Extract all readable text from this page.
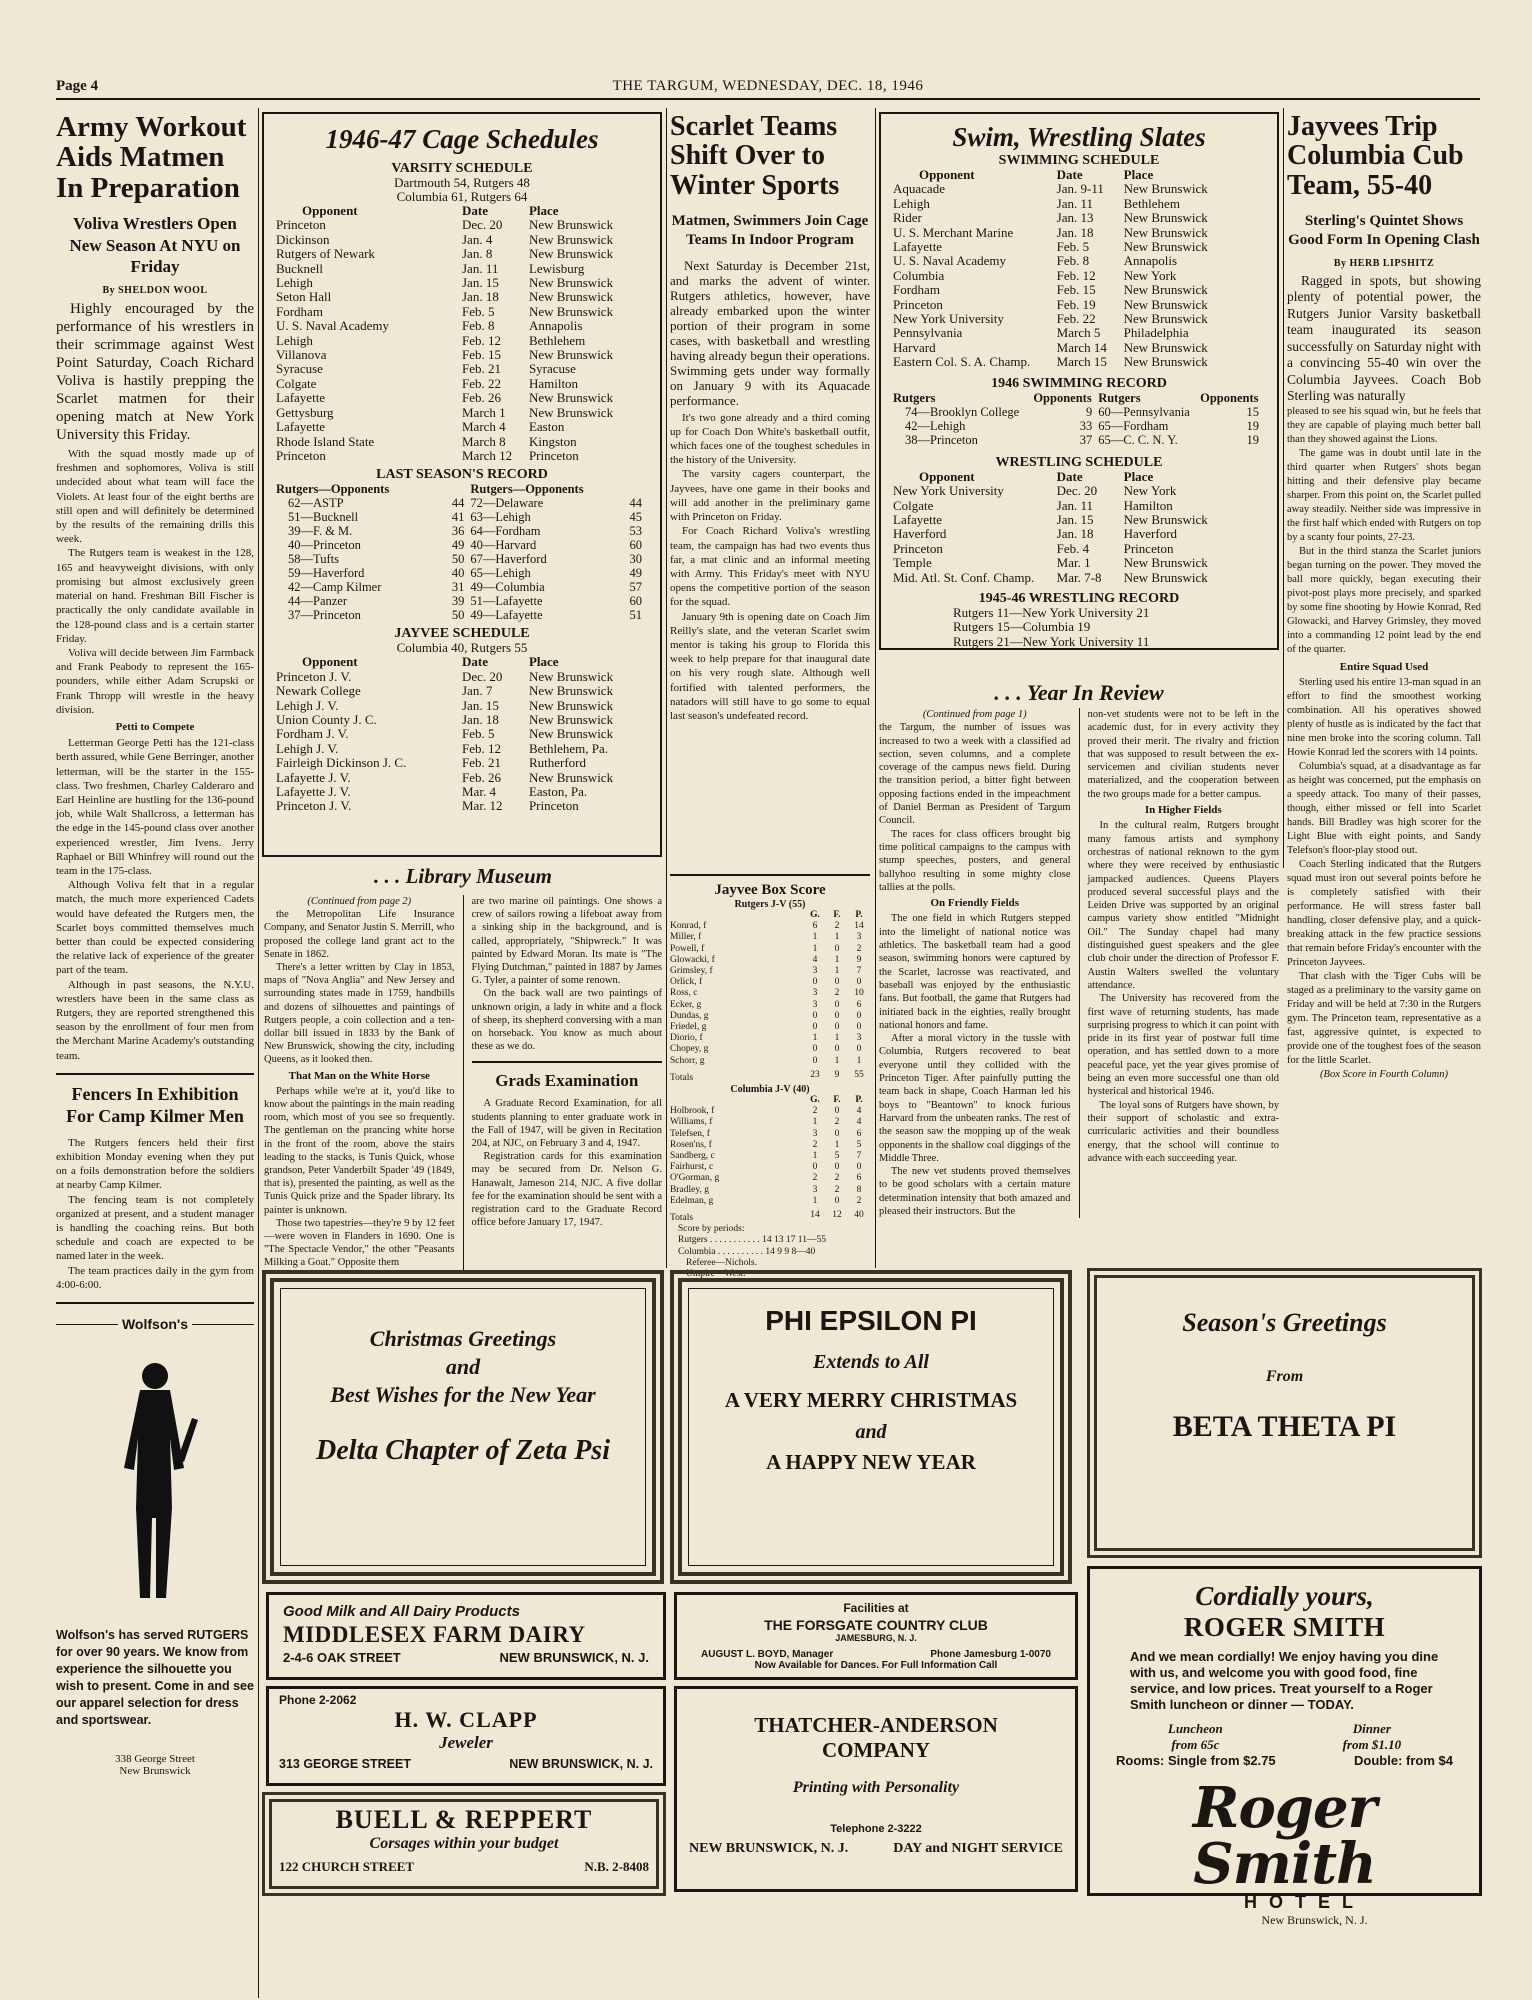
Page 4	THE TARGUM, WEDNESDAY, DEC. 18, 1946
Army Workout Aids Matmen In Preparation
Voliva Wrestlers Open New Season At NYU on Friday
By SHELDON WOOL

Highly encouraged by the performance of his wrestlers in their scrimmage against West Point Saturday, Coach Richard Voliva is hastily prepping the Scarlet matmen for their opening match at New York University this Friday.

With the squad mostly made up of freshmen and sophomores, Voliva is still undecided about what team will face the Violets. At least four of the eight berths are still open and will definitely be determined by the results of the remaining drills this week.

The Rutgers team is weakest in the 128, 165 and heavyweight divisions, with only promising but almost exclusively green material on hand. Freshman Bill Fischer is practically the only candidate available in the 128-pound class and is a certain starter Friday.

Voliva will decide between Jim Farmback and Frank Peabody to represent the 165-pounders, while either Adam Scrupski or Frank Thropp will wrestle in the heavy division.

Petti to Compete

Letterman George Petti has the 121-class berth assured, while Gene Berringer, another letterman, will be the starter in the 155-class. Two freshmen, Charley Calderaro and Earl Heinline are hustling for the 136-pound job, while Walt Shallcross, a letterman has the edge in the 145-pound class over another experienced wrestler, Jim Ivens. Jerry Raphael or Bill Whinfrey will round out the team in the 175-class.

Although Voliva felt that in a regular match, the much more experienced Cadets would have defeated the Rutgers men, the Scarlet boys committed themselves much better than could be expected considering the relative lack of experience of the greater part of the team.

Although in past seasons, the N.Y.U. wrestlers have been in the same class as Rutgers, they are reported strengthened this season by the enrollment of four men from the Merchant Marine Academy's outstanding team.

Fencers In Exhibition For Camp Kilmer Men

The Rutgers fencers held their first exhibition Monday evening when they put on a foils demonstration before the soldiers at nearby Camp Kilmer.

The fencing team is not completely organized at present, and a student manager is handling the coaching reins. But both schedule and coach are expected to be named later in the week.

The team practices daily in the gym from 4:00-6:00.

Wolfson's
Wolfson's has served RUTGERS for over 90 years. We know from experience the silhouette you wish to present. Come in and see our apparel selection for dress and sportswear.
338 George Street
New Brunswick
1946-47 Cage Schedules
VARSITY SCHEDULE
Dartmouth 54, Rutgers 48
Columbia 61, Rutgers 64
Opponent	Date	Place
Princeton	Dec. 20	New Brunswick
Dickinson	Jan. 4	New Brunswick
Rutgers of Newark	Jan. 8	New Brunswick
Bucknell	Jan. 11	Lewisburg
Lehigh	Jan. 15	New Brunswick
Seton Hall	Jan. 18	New Brunswick
Fordham	Feb. 5	New Brunswick
U. S. Naval Academy	Feb. 8	Annapolis
Lehigh	Feb. 12	Bethlehem
Villanova	Feb. 15	New Brunswick
Syracuse	Feb. 21	Syracuse
Colgate	Feb. 22	Hamilton
Lafayette	Feb. 26	New Brunswick
Gettysburg	March 1	New Brunswick
Lafayette	March 4	Easton
Rhode Island State	March 8	Kingston
Princeton	March 12	Princeton
LAST SEASON'S RECORD
Rutgers—Opponents		Rutgers—Opponents	
62—ASTP	44	72—Delaware	44
51—Bucknell	41	63—Lehigh	45
39—F. & M.	36	64—Fordham	53
40—Princeton	49	40—Harvard	60
58—Tufts	50	67—Haverford	30
59—Haverford	40	65—Lehigh	49
42—Camp Kilmer	31	49—Columbia	57
44—Panzer	39	51—Lafayette	60
37—Princeton	50	49—Lafayette	51
JAYVEE SCHEDULE
Columbia 40, Rutgers 55
Opponent	Date	Place
Princeton J. V.	Dec. 20	New Brunswick
Newark College	Jan. 7	New Brunswick
Lehigh J. V.	Jan. 15	New Brunswick
Union County J. C.	Jan. 18	New Brunswick
Fordham J. V.	Feb. 5	New Brunswick
Lehigh J. V.	Feb. 12	Bethlehem, Pa.
Fairleigh Dickinson J. C.	Feb. 21	Rutherford
Lafayette J. V.	Feb. 26	New Brunswick
Lafayette J. V.	Mar. 4	Easton, Pa.
Princeton J. V.	Mar. 12	Princeton
. . . Library Museum
(Continued from page 2)

the Metropolitan Life Insurance Company, and Senator Justin S. Merrill, who proposed the college land grant act to the Senate in 1862.

There's a letter written by Clay in 1853, maps of "Nova Anglia" and New Jersey and surrounding states made in 1759, handbills and dozens of silhouettes and paintings of Rutgers people, a coin collection and a ten-dollar bill issued in 1833 by the Bank of New Brunswick, showing the city, including Queens, as it looked then.

That Man on the White Horse

Perhaps while we're at it, you'd like to know about the paintings in the main reading room, which most of you see so frequently. The gentleman on the prancing white horse in the front of the room, above the stairs leading to the stacks, is Tunis Quick, whose grandson, Peter Vanderbilt Spader '49 (1849, that is), presented the painting, as well as the Tunis Quick prize and the Spader library. Its painter is unknown.

Those two tapestries—they're 9 by 12 feet—were woven in Flanders in 1690. One is "The Spectacle Vendor," the other "Peasants Milking a Goat." Opposite them

are two marine oil paintings. One shows a crew of sailors rowing a lifeboat away from a sinking ship in the background, and is called, appropriately, "Shipwreck." It was painted by Edward Moran. Its mate is "The Flying Dutchman," painted in 1887 by James G. Tyler, a painter of some renown.

On the back wall are two paintings of unknown origin, a lady in white and a flock of sheep, its shepherd conversing with a man on horseback. You know as much about these as we do.

Grads Examination

A Graduate Record Examination, for all students planning to enter graduate work in the Fall of 1947, will be given in Recitation 204, at NJC, on February 3 and 4, 1947.

Registration cards for this examination may be secured from Dr. Nelson G. Hanawalt, Jameson 214, NJC. A five dollar fee for the examination should be sent with a registration card to the Graduate Record office before January 17, 1947.

Scarlet Teams Shift Over to Winter Sports
Matmen, Swimmers Join Cage Teams In Indoor Program

Next Saturday is December 21st, and marks the advent of winter. Rutgers athletics, however, have already embarked upon the winter portion of their program in some cases, with basketball and wrestling having already begun their operations. Swimming gets under way formally on January 9 with its Aquacade performance.

It's two gone already and a third coming up for Coach Don White's basketball outfit, which faces one of the toughest schedules in the history of the University.

The varsity cagers counterpart, the Jayvees, have one game in their books and will add another in the preliminary game with Princeton on Friday.

For Coach Richard Voliva's wrestling team, the campaign has had two events thus far, a mat clinic and an informal meeting with Army. This Friday's meet with NYU opens the competitive portion of the season for the squad.

January 9th is opening date on Coach Jim Reilly's slate, and the veteran Scarlet swim mentor is taking his group to Florida this week to help prepare for that inaugural date on his very rough slate. Although well fortified with talented performers, the natadors will still have to go some to equal last season's undefeated record.

Jayvee Box Score
Rutgers J-V (55)
	G.	F.	P.
Konrad, f	6	2	14
Miller, f	1	1	3
Powell, f	1	0	2
Glowacki, f	4	1	9
Grimsley, f	3	1	7
Orlick, f	0	0	0
Ross, c	3	2	10
Ecker, g	3	0	6
Dundas, g	0	0	0
Friedel, g	0	0	0
Diorio, f	1	1	3
Chopey, g	0	0	0
Schorr, g	0	1	1
Totals	23	9	55
Columbia J-V (40)
	G.	F.	P.
Holbrook, f	2	0	4
Williams, f	1	2	4
Telefsen, f	3	0	6
Rosen'ns, f	2	1	5
Sandberg, c	1	5	7
Fairhurst, c	0	0	0
O'Gorman, g	2	2	6
Bradley, g	3	2	8
Edelman, g	1	0	2
Totals	14	12	40
Score by periods:
Rutgers . . . . . . . . . . . 14 13 17 11—55
Columbia . . . . . . . . . . 14 9 9 8—40
Referee—Nichols.
Umpire—West.
Swim, Wrestling Slates
SWIMMING SCHEDULE
Opponent	Date	Place
Aquacade	Jan. 9-11	New Brunswick
Lehigh	Jan. 11	Bethlehem
Rider	Jan. 13	New Brunswick
U. S. Merchant Marine	Jan. 18	New Brunswick
Lafayette	Feb. 5	New Brunswick
U. S. Naval Academy	Feb. 8	Annapolis
Columbia	Feb. 12	New York
Fordham	Feb. 15	New Brunswick
Princeton	Feb. 19	New Brunswick
New York University	Feb. 22	New Brunswick
Pennsylvania	March 5	Philadelphia
Harvard	March 14	New Brunswick
Eastern Col. S. A. Champ.	March 15	New Brunswick
1946 SWIMMING RECORD
Rutgers	Opponents	Rutgers	Opponents
74—Brooklyn College	9	60—Pennsylvania	15
42—Lehigh	33	65—Fordham	19
38—Princeton	37	65—C. C. N. Y.	19
WRESTLING SCHEDULE
Opponent	Date	Place
New York University	Dec. 20	New York
Colgate	Jan. 11	Hamilton
Lafayette	Jan. 15	New Brunswick
Haverford	Jan. 18	Haverford
Princeton	Feb. 4	Princeton
Temple	Mar. 1	New Brunswick
Mid. Atl. St. Conf. Champ.	Mar. 7-8	New Brunswick
1945-46 WRESTLING RECORD
Rutgers 11—New York University 21
Rutgers 15—Columbia 19
Rutgers 21—New York University 11
. . . Year In Review
(Continued from page 1)

the Targum, the number of issues was increased to two a week with a classified ad section, seven columns, and a complete coverage of the campus news field. During the transition period, a bitter fight between opposing factions ended in the impeachment of Daniel Berman as President of Targum Council.

The races for class officers brought big time political campaigns to the campus with stump speeches, posters, and general ballyhoo resulting in some mighty close tallies at the polls.

On Friendly Fields

The one field in which Rutgers stepped into the limelight of national notice was athletics. The basketball team had a good season, swimming honors were captured by the Scarlet, lacrosse was reactivated, and baseball was enjoyed by the enthusiastic fans. But football, the game that Rutgers had initiated back in the eighties, really brought national honors and fame.

After a moral victory in the tussle with Columbia, Rutgers recovered to beat everyone until they collided with the Princeton Tiger. After painfully putting the team back in shape, Coach Harman led his boys to "Beantown" to knock furious Harvard from the unbeaten ranks. The rest of the season saw the mopping up of the weak opponents in the shallow coal diggings of the Middle Three.

The new vet students proved themselves to be good scholars with a certain mature determination intensity that both amazed and pleased their instructors. But the

non-vet students were not to be left in the academic dust, for in every activity they proved their merit. The rivalry and friction that was supposed to result between the ex-servicemen and civilian students never materialized, and the cooperation between the two groups made for a better campus.

In Higher Fields

In the cultural realm, Rutgers brought many famous artists and symphony orchestras of national reknown to the gym where they were received by enthusiastic jampacked audiences. Queens Players produced several successful plays and the Leiden Drive was supported by an original campus variety show entitled "Midnight Oil." The Sunday chapel had many distinguished guest speakers and the glee club choir under the direction of Professor F. Austin Walters swelled the voluntary attendance.

The University has recovered from the first wave of returning students, has made surprising progress to which it can point with pride in its first year of postwar full time operation, and has settled down to a more peaceful pace, yet the year gives promise of being an even more successful one than old hysterical and historical 1946.

The loyal sons of Rutgers have shown, by their support of scholastic and extra-curricularic activities and their boundless energy, that the school will continue to advance with each succeeding year.

Jayvees Trip Columbia Cub Team, 55-40
Sterling's Quintet Shows Good Form In Opening Clash
By HERB LIPSHITZ

Ragged in spots, but showing plenty of potential power, the Rutgers Junior Varsity basketball team inaugurated its season successfully on Saturday night with a convincing 55-40 win over the Columbia Jayvees. Coach Bob Sterling was naturally

pleased to see his squad win, but he feels that they are capable of playing much better ball than they showed against the Lions.

The game was in doubt until late in the third quarter when Rutgers' shots began hitting and their defensive play became sharper. From this point on, the Scarlet pulled away steadily. Neither side was impressive in the first half which ended with Rutgers on top by a scanty four points, 27-23.

But in the third stanza the Scarlet juniors began turning on the power. They moved the ball more quickly, began executing their pivot-post plays more precisely, and sparked by some fine shooting by Howie Konrad, Red Glowacki, and Harvey Grimsley, they moved into a commanding 12 point lead by the end of the quarter.

Entire Squad Used

Sterling used his entire 13-man squad in an effort to find the smoothest working combination. All his operatives showed plenty of hustle as is indicated by the fact that nine men broke into the scoring column. Tall Howie Konrad led the scorers with 14 points.

Columbia's squad, at a disadvantage as far as height was concerned, put the emphasis on a speedy attack. Too many of their passes, though, either missed or fell into Scarlet hands. Bill Bradley was high scorer for the Light Blue with eight points, and Sandy Telefson's floor-play stood out.

Coach Sterling indicated that the Rutgers squad must iron out several points before he is completely satisfied with their performance. He will stress faster ball handling, closer defensive play, and a quick-breaking attack in the few practice sessions that remain before Friday's encounter with the Princeton Jayvees.

That clash with the Tiger Cubs will be staged as a preliminary to the varsity game on Friday and will be held at 7:30 in the Rutgers gym. The Princeton team, representative as a fast, aggressive quintet, is expected to provide one of the toughest foes of the season for the little Scarlet.

(Box Score in Fourth Column)
Christmas Greetings
and
Best Wishes for the New Year
Delta Chapter of Zeta Psi
PHI EPSILON PI
Extends to All
A VERY MERRY CHRISTMAS
and
A HAPPY NEW YEAR
Season's Greetings
From
BETA THETA PI
Good Milk and All Dairy Products
MIDDLESEX FARM DAIRY
2-4-6 OAK STREET	NEW BRUNSWICK, N. J.
Facilities at
THE FORSGATE COUNTRY CLUB
JAMESBURG, N. J.
AUGUST L. BOYD, Manager	Phone Jamesburg 1-0070
Now Available for Dances. For Full Information Call
Phone 2-2062
H. W. CLAPP
Jeweler
313 GEORGE STREET	NEW BRUNSWICK, N. J.
THATCHER-ANDERSON
COMPANY
Printing with Personality
Telephone 2-3222
NEW BRUNSWICK, N. J.	DAY and NIGHT SERVICE
BUELL & REPPERT
Corsages within your budget
122 CHURCH STREET	N.B. 2-8408
Cordially yours,
ROGER SMITH
And we mean cordially! We enjoy having you dine with us, and welcome you with good food, fine service, and low prices. Treat yourself to a Roger Smith luncheon or dinner — TODAY.
Luncheon
from 65c
Dinner
from $1.10
Rooms: Single from $2.75	Double: from $4
Roger Smith
HOTEL
New Brunswick, N. J.
